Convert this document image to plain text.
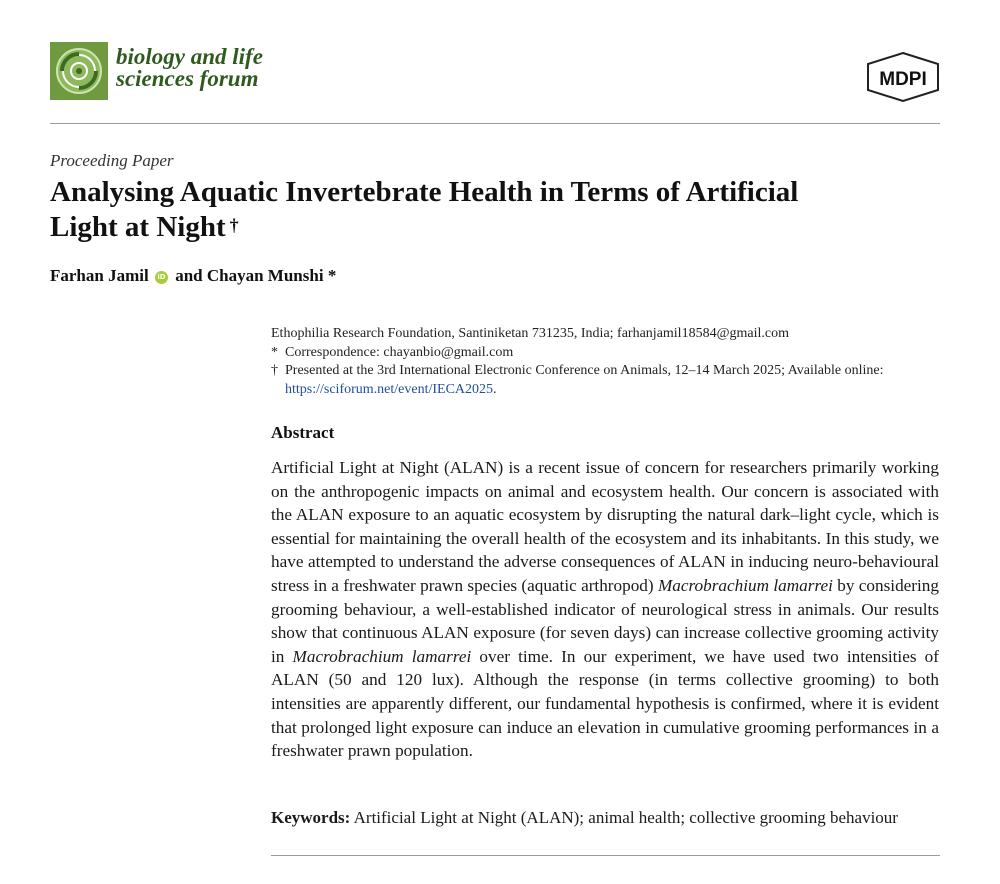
biology and life
sciences forum	MDPI
Proceeding Paper
Analysing Aquatic Invertebrate Health in Terms of Artificial
Light at Night †
Farhan Jamil iD and Chayan Munshi *
Ethophilia Research Foundation, Santiniketan 731235, India; farhanjamil18584@gmail.com
* Correspondence: chayanbio@gmail.com
† Presented at the 3rd International Electronic Conference on Animals, 12–14 March 2025; Available online:
https://sciforum.net/event/IECA2025.
Abstract

Artificial Light at Night (ALAN) is a recent issue of concern for researchers primarily working on the anthropogenic impacts on animal and ecosystem health. Our concern is associated with the ALAN exposure to an aquatic ecosystem by disrupting the natural dark–light cycle, which is essential for maintaining the overall health of the ecosystem and its inhabitants. In this study, we have attempted to understand the adverse consequences of ALAN in inducing neuro-behavioural stress in a freshwater prawn species (aquatic arthropod) Macrobrachium lamarrei by considering grooming behaviour, a well-established indicator of neurological stress in animals. Our results show that continuous ALAN exposure (for seven days) can increase collective grooming activity in Macrobrachium lamarrei over time. In our experiment, we have used two intensities of ALAN (50 and 120 lux). Although the response (in terms collective grooming) to both intensities are apparently different, our fundamental hypothesis is confirmed, where it is evident that prolonged light exposure can induce an elevation in cumulative grooming performances in a freshwater prawn population.

Keywords: Artificial Light at Night (ALAN); animal health; collective grooming behaviour
